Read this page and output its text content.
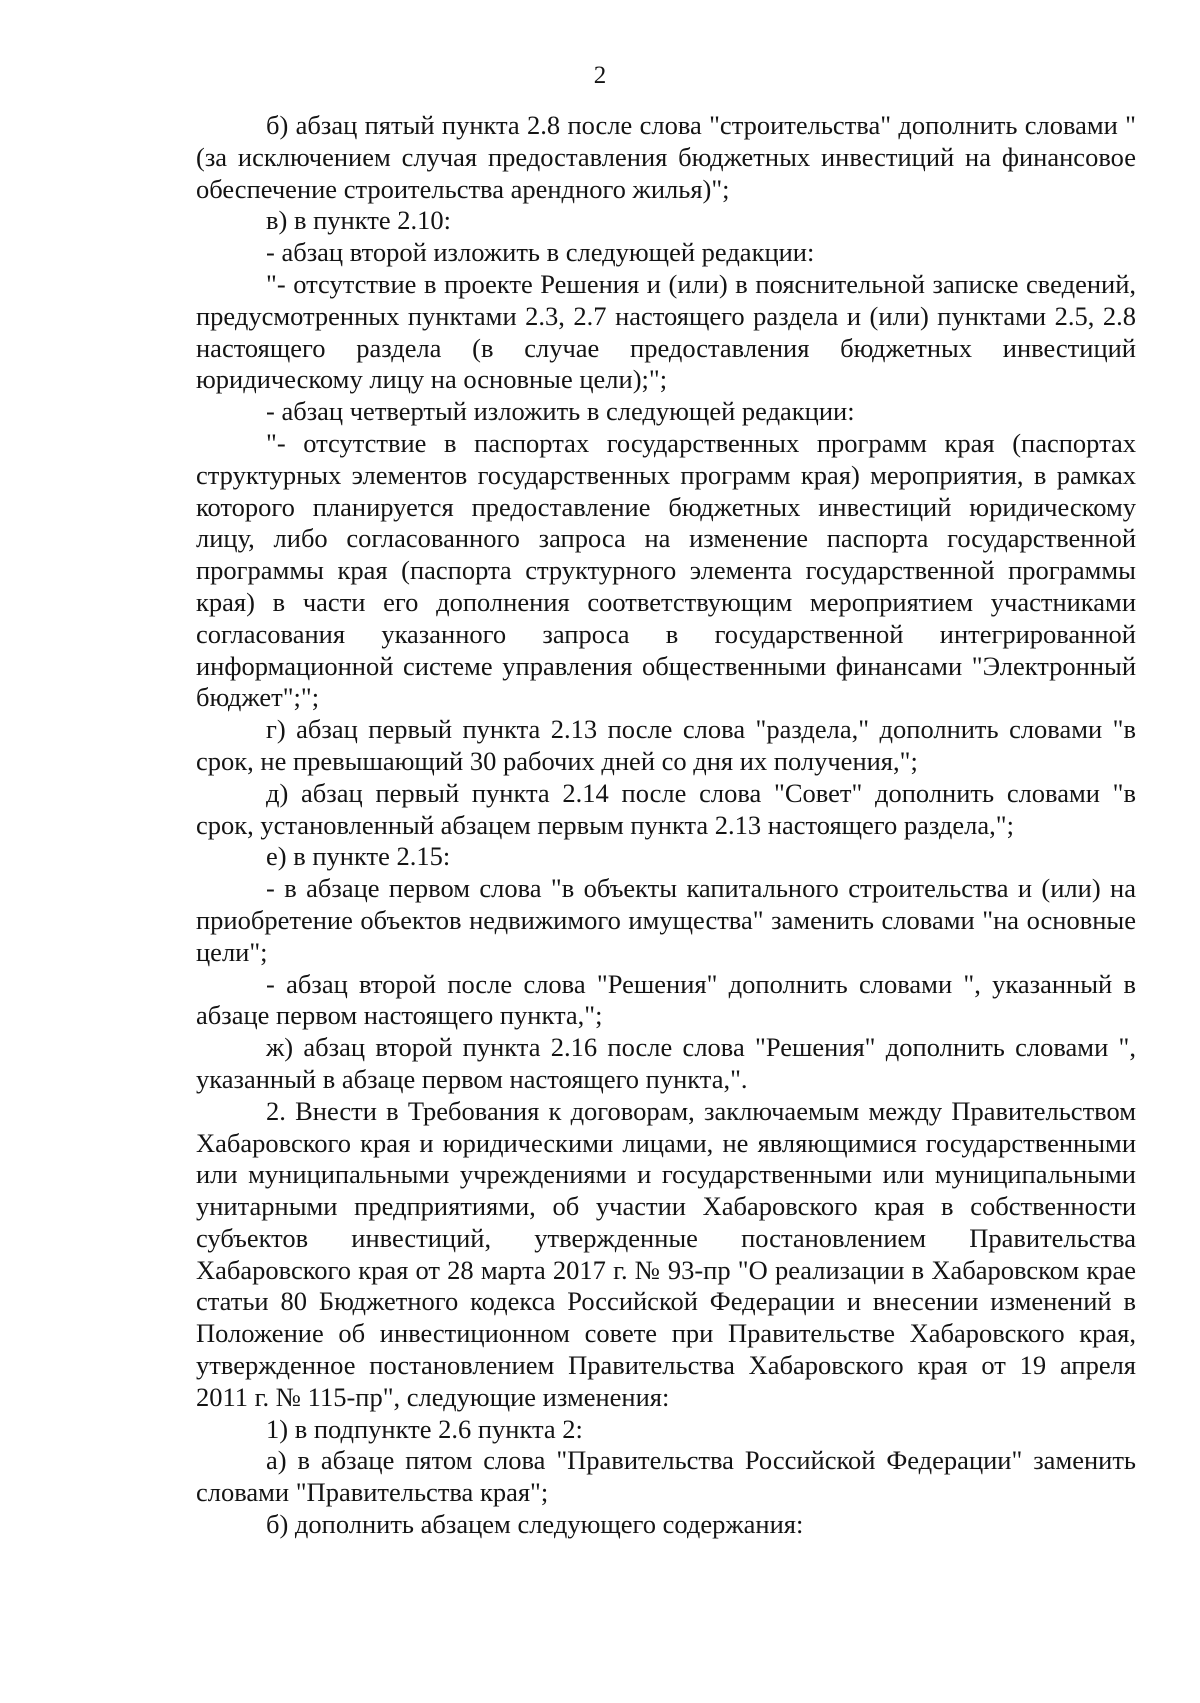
2

б) абзац пятый пункта 2.8 после слова "строительства" дополнить словами "(за исключением случая предоставления бюджетных инвестиций на финансовое обеспечение строительства арендного жилья)";

в) в пункте 2.10:

- абзац второй изложить в следующей редакции:

"- отсутствие в проекте Решения и (или) в пояснительной записке сведений, предусмотренных пунктами 2.3, 2.7 настоящего раздела и (или) пунктами 2.5, 2.8 настоящего раздела (в случае предоставления бюджетных инвестиций юридическому лицу на основные цели);";

- абзац четвертый изложить в следующей редакции:

"- отсутствие в паспортах государственных программ края (паспортах структурных элементов государственных программ края) мероприятия, в рамках которого планируется предоставление бюджетных инвестиций юридическому лицу, либо согласованного запроса на изменение паспорта государственной программы края (паспорта структурного элемента государственной программы края) в части его дополнения соответствующим мероприятием участниками согласования указанного запроса в государственной интегрированной информационной системе управления общественными финансами "Электронный бюджет";";

г) абзац первый пункта 2.13 после слова "раздела," дополнить словами "в срок, не превышающий 30 рабочих дней со дня их получения,";

д) абзац первый пункта 2.14 после слова "Совет" дополнить словами "в срок, установленный абзацем первым пункта 2.13 настоящего раздела,";

е) в пункте 2.15:

- в абзаце первом слова "в объекты капитального строительства и (или) на приобретение объектов недвижимого имущества" заменить словами "на основные цели";

- абзац второй после слова "Решения" дополнить словами ", указанный в абзаце первом настоящего пункта,";

ж) абзац второй пункта 2.16 после слова "Решения" дополнить словами ", указанный в абзаце первом настоящего пункта,".

2. Внести в Требования к договорам, заключаемым между Правительством Хабаровского края и юридическими лицами, не являющимися государственными или муниципальными учреждениями и государственными или муниципальными унитарными предприятиями, об участии Хабаровского края в собственности субъектов инвестиций, утвержденные постановлением Правительства Хабаровского края от 28 марта 2017 г. № 93-пр "О реализации в Хабаровском крае статьи 80 Бюджетного кодекса Российской Федерации и внесении изменений в Положение об инвестиционном совете при Правительстве Хабаровского края, утвержденное постановлением Правительства Хабаровского края от 19 апреля 2011 г. № 115-пр", следующие изменения:

1) в подпункте 2.6 пункта 2:

а) в абзаце пятом слова "Правительства Российской Федерации" заменить словами "Правительства края";

б) дополнить абзацем следующего содержания:
